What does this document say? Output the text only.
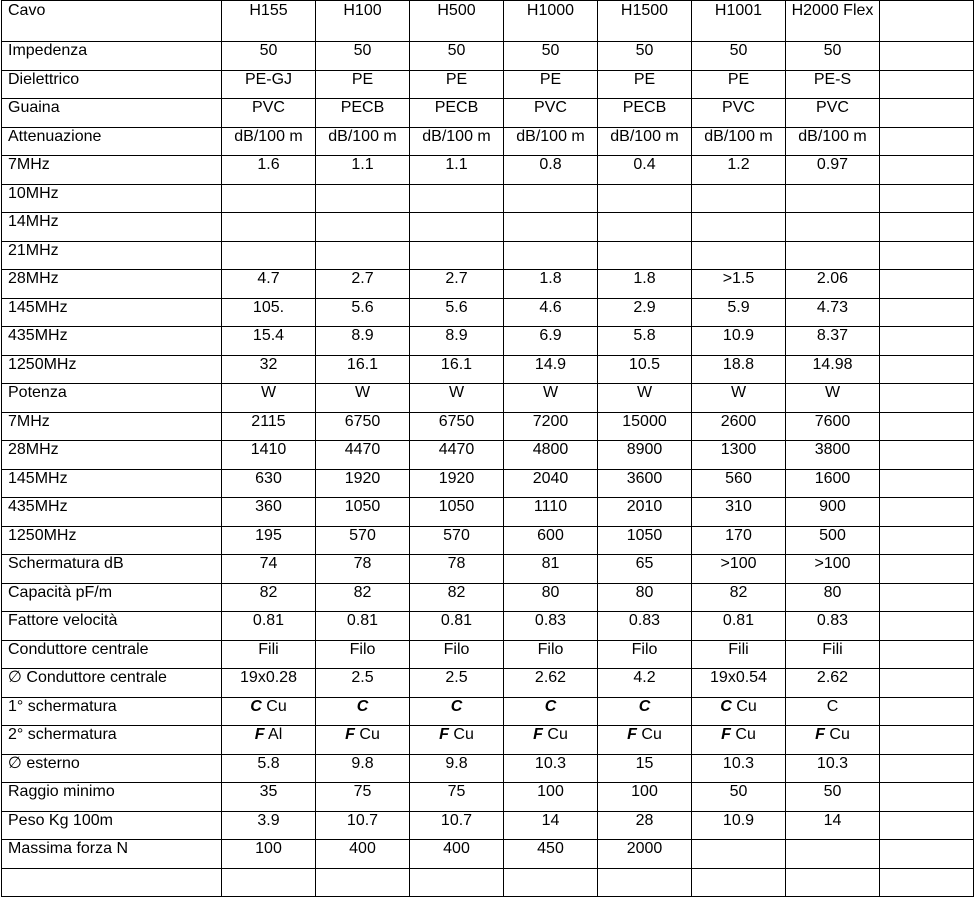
Cavo	H155	H100	H500	H1000	H1500	H1001	H2000 Flex	
Impedenza	50	50	50	50	50	50	50	
Dielettrico	PE-GJ	PE	PE	PE	PE	PE	PE-S	
Guaina	PVC	PECB	PECB	PVC	PECB	PVC	PVC	
Attenuazione	dB/100 m	dB/100 m	dB/100 m	dB/100 m	dB/100 m	dB/100 m	dB/100 m	
7MHz	1.6	1.1	1.1	0.8	0.4	1.2	0.97	
10MHz								
14MHz								
21MHz								
28MHz	4.7	2.7	2.7	1.8	1.8	>1.5	2.06	
145MHz	105.	5.6	5.6	4.6	2.9	5.9	4.73	
435MHz	15.4	8.9	8.9	6.9	5.8	10.9	8.37	
1250MHz	32	16.1	16.1	14.9	10.5	18.8	14.98	
Potenza	W	W	W	W	W	W	W	
7MHz	2115	6750	6750	7200	15000	2600	7600	
28MHz	1410	4470	4470	4800	8900	1300	3800	
145MHz	630	1920	1920	2040	3600	560	1600	
435MHz	360	1050	1050	1110	2010	310	900	
1250MHz	195	570	570	600	1050	170	500	
Schermatura dB	74	78	78	81	65	>100	>100	
Capacità pF/m	82	82	82	80	80	82	80	
Fattore velocità	0.81	0.81	0.81	0.83	0.83	0.81	0.83	
Conduttore centrale	Fili	Filo	Filo	Filo	Filo	Fili	Fili	
∅ Conduttore centrale	19x0.28	2.5	2.5	2.62	4.2	19x0.54	2.62	
1° schermatura	C Cu	C	C	C	C	C Cu	C	
2° schermatura	F Al	F Cu	F Cu	F Cu	F Cu	F Cu	F Cu	
∅ esterno	5.8	9.8	9.8	10.3	15	10.3	10.3	
Raggio minimo	35	75	75	100	100	50	50	
Peso Kg 100m	3.9	10.7	10.7	14	28	10.9	14	
Massima forza N	100	400	400	450	2000			
